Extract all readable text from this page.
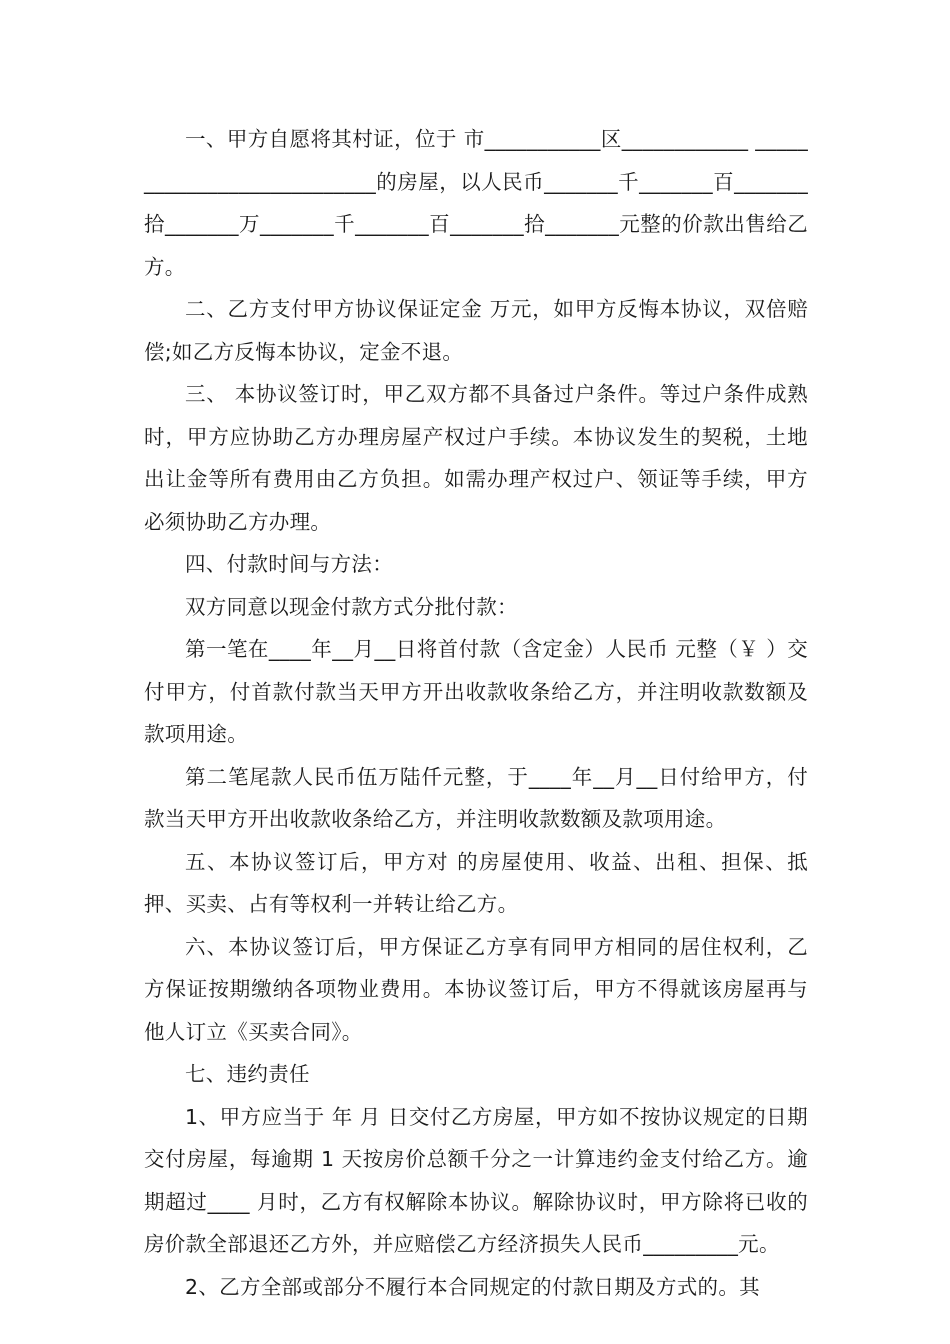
一、甲方自愿将其村证，位于 市___________区____________ ___________________________的房屋，以人民币_______千_______百_______拾_______万_______千_______百_______拾_______元整的价款出售给乙方。

二、乙方支付甲方协议保证定金 万元，如甲方反悔本协议，双倍赔偿;如乙方反悔本协议，定金不退。

三、 本协议签订时，甲乙双方都不具备过户条件。等过户条件成熟时，甲方应协助乙方办理房屋产权过户手续。本协议发生的契税，土地出让金等所有费用由乙方负担。如需办理产权过户、领证等手续，甲方必须协助乙方办理。

四、付款时间与方法：

双方同意以现金付款方式分批付款：

第一笔在____年__月__日将首付款（含定金）人民币 元整（￥ ）交付甲方，付首款付款当天甲方开出收款收条给乙方，并注明收款数额及款项用途。

第二笔尾款人民币伍万陆仟元整，于____年__月__日付给甲方，付款当天甲方开出收款收条给乙方，并注明收款数额及款项用途。

五、本协议签订后，甲方对 的房屋使用、收益、出租、担保、抵押、买卖、占有等权利一并转让给乙方。

六、本协议签订后，甲方保证乙方享有同甲方相同的居住权利，乙方保证按期缴纳各项物业费用。本协议签订后，甲方不得就该房屋再与他人订立《买卖合同》。

七、违约责任

1、甲方应当于 年 月 日交付乙方房屋，甲方如不按协议规定的日期交付房屋，每逾期 1 天按房价总额千分之一计算违约金支付给乙方。逾期超过____ 月时，乙方有权解除本协议。解除协议时，甲方除将已收的房价款全部退还乙方外，并应赔偿乙方经济损失人民币_________元。

2、乙方全部或部分不履行本合同规定的付款日期及方式的。其
